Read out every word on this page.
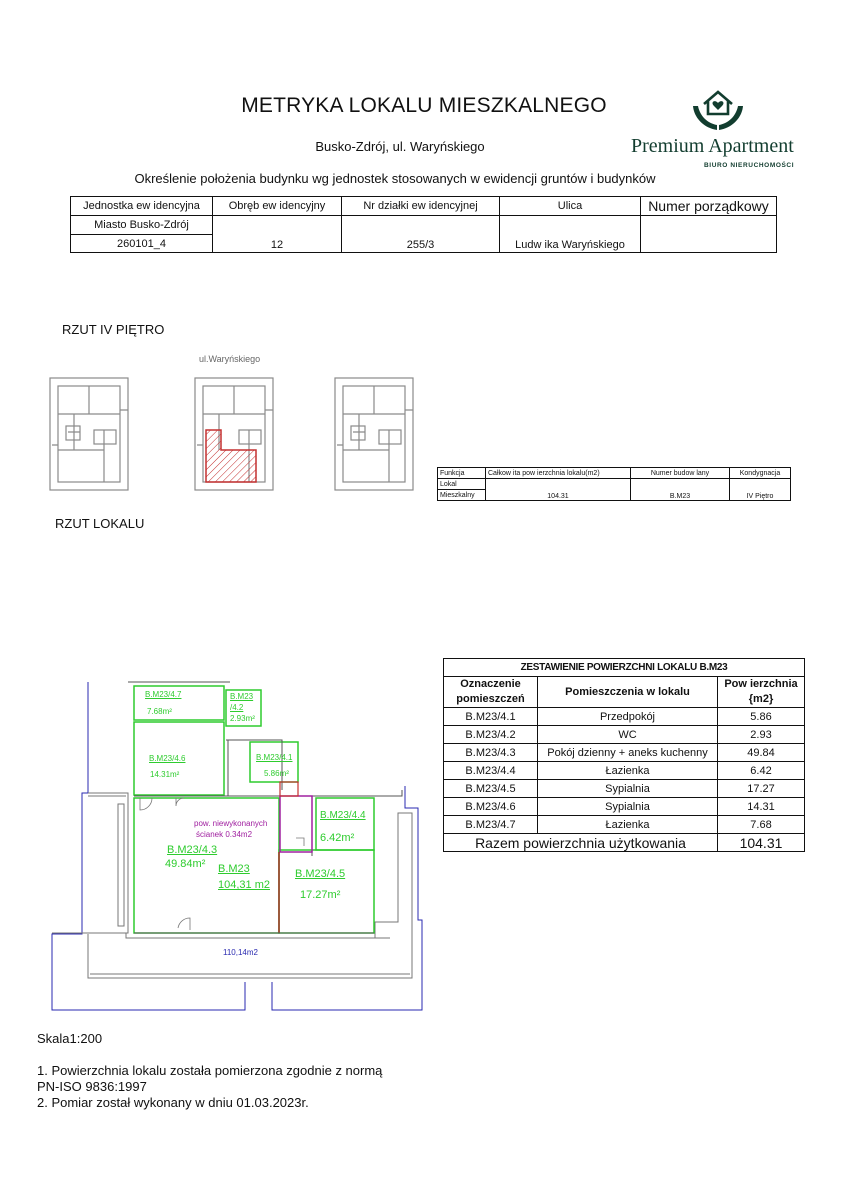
METRYKA LOKALU MIESZKALNEGO
Busko-Zdrój, ul. Waryńskiego
Określenie położenia budynku wg jednostek stosowanych w ewidencji gruntów i budynków
Premium Apartment
BIURO NIERUCHOMOŚCI
Jednostka ew idencyjna	Obręb ew idencyjny	Nr działki ew idencyjnej	Ulica	Numer porządkowy
Miasto Busko-Zdrój	12	255/3	Ludw ika Waryńskiego	
260101_4				
RZUT IV PIĘTRO
ul.Waryńskiego
Funkcja	Całkow ita pow ierzchnia lokalu(m2)	Numer budow lany	Kondygnacja
Lokal	104.31	B.M23	IV Piętro
Mieszkalny			
RZUT LOKALU
ZESTAWIENIE POWIERZCHNI LOKALU B.M23		
Oznaczenie pomieszczeń	Pomieszczenia w lokalu	Pow ierzchnia {m2}
B.M23/4.1	Przedpokój	5.86
B.M23/4.2	WC	2.93
B.M23/4.3	Pokój dzienny + aneks kuchenny	49.84
B.M23/4.4	Łazienka	6.42
B.M23/4.5	Sypialnia	17.27
B.M23/4.6	Sypialnia	14.31
B.M23/4.7	Łazienka	7.68
Razem powierzchnia użytkowania		104.31
B.M23/4.7
7.68m²
B.M23
/4.2
2.93m²
B.M23/4.6
14.31m²
B.M23/4.1
5.86m²
B.M23/4.4
6.42m²
pow. niewykonanych
ścianek 0.34m2
B.M23/4.3
49.84m² B.M23
104,31 m2
B.M23/4.5
17.27m²
110,14m2
Skala1:200
1. Powierzchnia lokalu została pomierzona zgodnie z normą
PN-ISO 9836:1997
2. Pomiar został wykonany w dniu 01.03.2023r.
